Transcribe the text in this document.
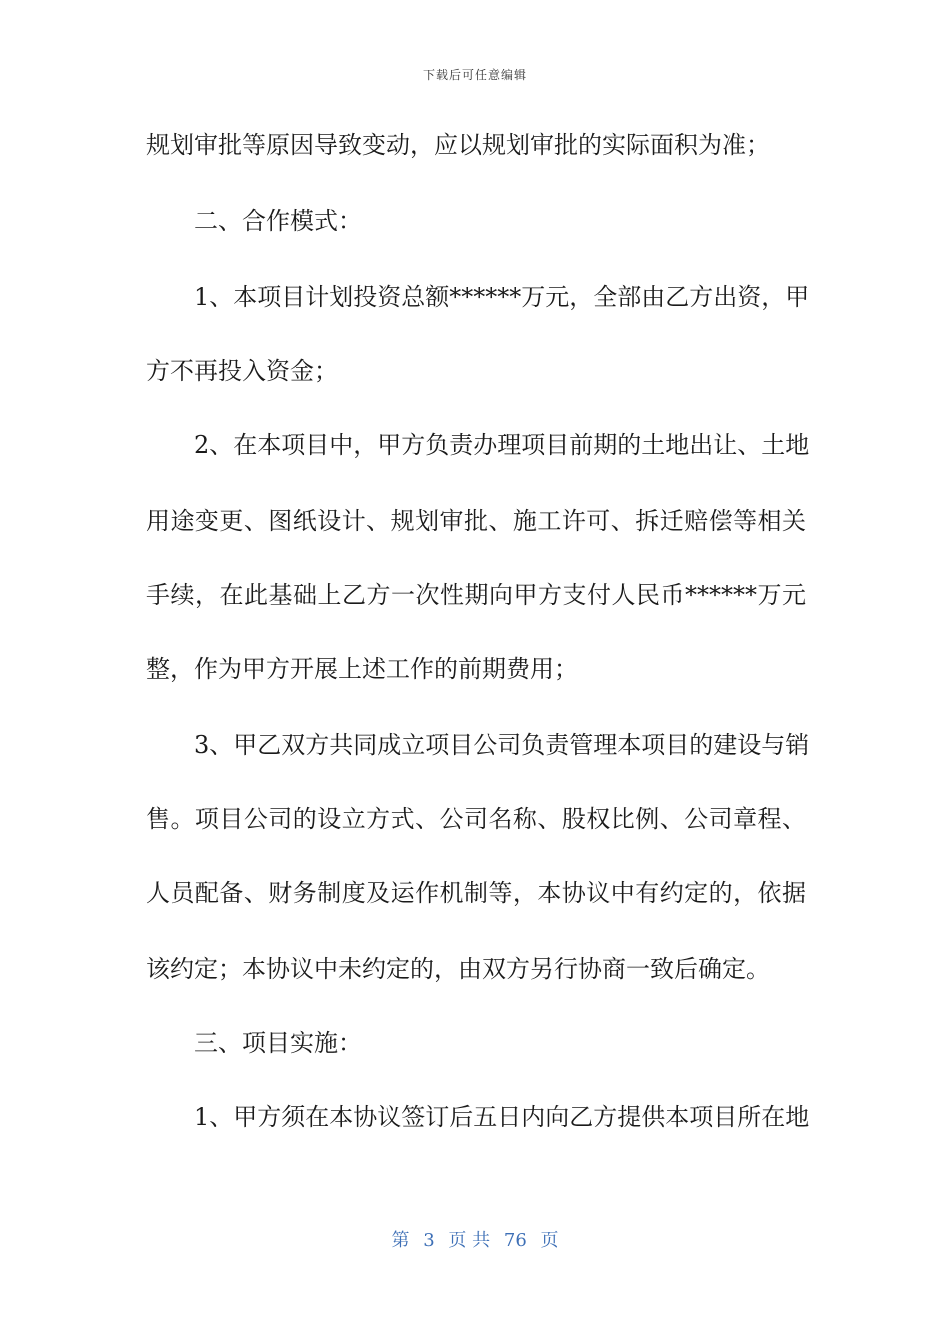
下载后可任意编辑
规划审批等原因导致变动，应以规划审批的实际面积为准；
二、合作模式：
1、本项目计划投资总额******万元，全部由乙方出资，甲
方不再投入资金；
2、在本项目中，甲方负责办理项目前期的土地出让、土地
用途变更、图纸设计、规划审批、施工许可、拆迁赔偿等相关
手续，在此基础上乙方一次性期向甲方支付人民币******万元
整，作为甲方开展上述工作的前期费用；
3、甲乙双方共同成立项目公司负责管理本项目的建设与销
售。项目公司的设立方式、公司名称、股权比例、公司章程、
人员配备、财务制度及运作机制等，本协议中有约定的，依据
该约定；本协议中未约定的，由双方另行协商一致后确定。
三、项目实施：
1、甲方须在本协议签订后五日内向乙方提供本项目所在地
第 3 页 共 76 页
